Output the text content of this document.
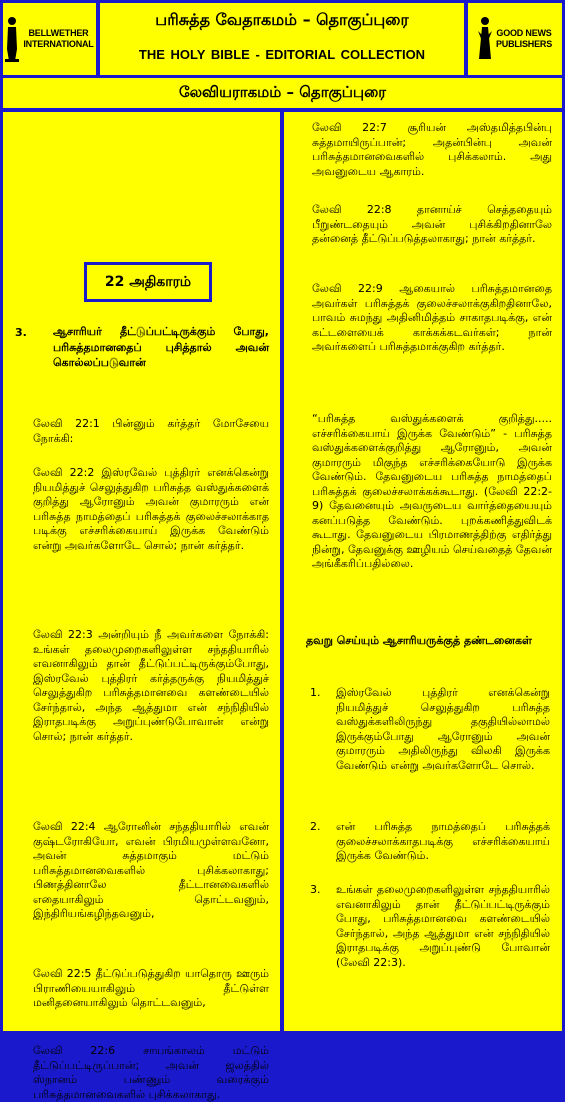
BELLWETHER
INTERNATIONAL
பரிசுத்த வேதாகமம் – தொகுப்புரை
THE HOLY BIBLE - EDITORIAL COLLECTION
GOOD NEWS
PUBLISHERS
லேவியராகமம் – தொகுப்புரை
22 அதிகாரம்
3. ஆசாரியர் தீட்டுப்பட்டிருக்கும் போது, பரிசுத்தமானதைப் புசித்தால் அவன் கொல்லப்படுவான்
லேவி 22:1 பின்னும் கர்த்தர் மோசேயை நோக்கி:
லேவி 22:2 இஸ்ரவேல் புத்திரர் எனக்கென்று நியமித்துச் செலுத்துகிற பரிசுத்த வஸ்துக்களைக் குறித்து ஆரோனும் அவன் குமாரரும் என் பரிசுத்த நாமத்தைப் பரிசுத்தக் குலைச்சலாக்காத படிக்கு எச்சரிக்கையாய் இருக்க வேண்டும் என்று அவர்களோடே சொல்; நான் கர்த்தர்.
லேவி 22:3 அன்றியும் நீ அவர்களை நோக்கி: உங்கள் தலைமுறைகளிலுள்ள சந்ததியாரில் எவனாகிலும் தான் தீட்டுப்பட்டிருக்கும்போது, இஸ்ரவேல் புத்திரர் கர்த்தருக்கு நியமித்துச் செலுத்துகிற பரிசுத்தமானவை களண்டையில் சேர்ந்தால், அந்த ஆத்துமா என் சந்நிதியில் இராதபடிக்கு அறுப்புண்டுபோவான் என்று சொல்; நான் கர்த்தர்.
லேவி 22:4 ஆரோனின் சந்ததியாரில் எவன் குஷ்டரோகியோ, எவன் பிரமியமுள்ளவனோ, அவன் சுத்தமாகும் மட்டும் பரிசுத்தமானவைகளில் புசிக்கலாகாது; பிணத்தினாலே தீட்டானவைகளில் எதையாகிலும் தொட்டவனும், இந்திரியங்கழிந்தவனும்,
லேவி 22:5 தீட்டுப்படுத்துகிற யாதொரு ஊரும் பிராணியையாகிலும் தீட்டுள்ள மனிதனையாகிலும் தொட்டவனும்,
லேவி 22:6 சாயங்காலம் மட்டும் தீட்டுப்பட்டிருப்பான்; அவன் ஜலத்தில் ஸ்நானம் பண்ணும் வரைக்கும் பரிசுத்தமானவைகளில் புசிக்கலாகாது.
லேவி 22:7 சூரியன் அஸ்தமித்தபின்பு சுத்தமாயிருப்பான்; அதன்பின்பு அவன் பரிசுத்தமானவைகளில் புசிக்கலாம். அது அவனுடைய ஆகாரம்.
லேவி 22:8 தானாய்ச் செத்ததையும் பீறுண்டதையும் அவன் புசிக்கிறதினாலே தன்னைத் தீட்டுப்படுத்தலாகாது; நான் கர்த்தர்.
லேவி 22:9 ஆகையால் பரிசுத்தமானதை அவர்கள் பரிசுத்தக் குலைச்சலாக்குகிறதினாலே, பாவம் சுமந்து அதினிமித்தம் சாகாதபடிக்கு, என் கட்டளையைக் காக்கக்கடவர்கள்; நான் அவர்களைப் பரிசுத்தமாக்குகிற கர்த்தர்.
“பரிசுத்த வஸ்துக்களைக் குறித்து..... எச்சரிக்கையாய் இருக்க வேண்டும்” - பரிசுத்த வஸ்துக்களைக்குறித்து ஆரோனும், அவன் குமாரரும் மிகுந்த எச்சரிக்கையோடு இருக்க வேண்டும். தேவனுடைய பரிசுத்த நாமத்தைப் பரிசுத்தக் குலைச்சலாக்கக்கூடாது. (லேவி 22:2-9) தேவனையும் அவருடைய வார்த்தையையும் கனப்படுத்த வேண்டும். புறக்கணித்துவிடக் கூடாது. தேவனுடைய பிரமாணத்திற்கு எதிர்த்து நின்று, தேவனுக்கு ஊழியம் செய்வதைத் தேவன் அங்கீகரிப்பதில்லை.
தவறு செய்யும் ஆசாரியருக்குத் தண்டனைகள்
1. இஸ்ரவேல் புத்திரர் எனக்கென்று நியமித்துச் செலுத்துகிற பரிசுத்த வஸ்துக்களிலிருந்து தகுதியில்லாமல் இருக்கும்போது ஆரோனும் அவன் குமாரரும் அதிலிருந்து விலகி இருக்க வேண்டும் என்று அவர்களோடே சொல்.
2. என் பரிசுத்த நாமத்தைப் பரிசுத்தக் குலைச்சலாக்காதபடிக்கு எச்சரிக்கையாய் இருக்க வேண்டும்.
3. உங்கள் தலைமுறைகளிலுள்ள சந்ததியாரில் எவனாகிலும் தான் தீட்டுப்பட்டிருக்கும் போது, பரிசுத்தமானவை களண்டையில் சேர்ந்தால், அந்த ஆத்துமா என் சந்நிதியில் இராதபடிக்கு அறுப்புண்டு போவான் (லேவி 22:3).
